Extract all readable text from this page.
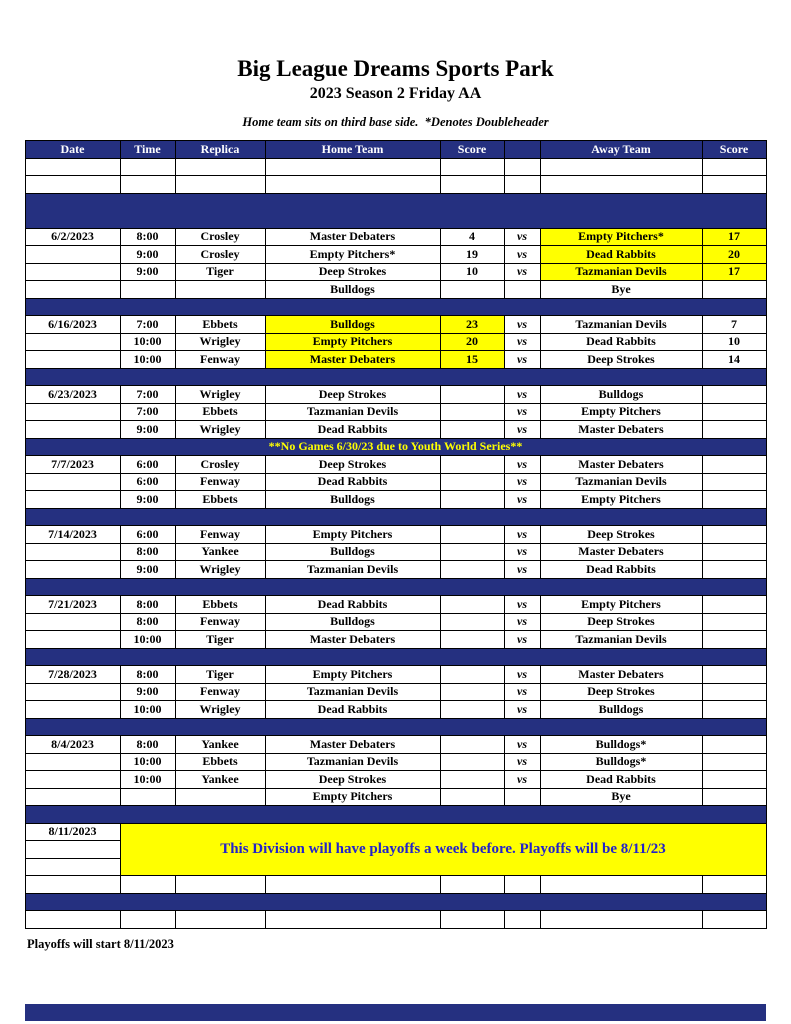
Big League Dreams Sports Park
2023 Season 2 Friday AA
Home team sits on third base side.  *Denotes Doubleheader
Date	Time	Replica	Home Team	Score		Away Team	Score

6/2/2023	8:00	Crosley	Master Debaters	4	vs	Empty Pitchers*	17
	9:00	Crosley	Empty Pitchers*	19	vs	Dead Rabbits	20
	9:00	Tiger	Deep Strokes	10	vs	Tazmanian Devils	17
			Bulldogs			Bye	

6/16/2023	7:00	Ebbets	Bulldogs	23	vs	Tazmanian Devils	7
	10:00	Wrigley	Empty Pitchers	20	vs	Dead Rabbits	10
	10:00	Fenway	Master Debaters	15	vs	Deep Strokes	14

6/23/2023	7:00	Wrigley	Deep Strokes		vs	Bulldogs	
	7:00	Ebbets	Tazmanian Devils		vs	Empty Pitchers	
	9:00	Wrigley	Dead Rabbits		vs	Master Debaters	
**No Games 6/30/23 due to Youth World Series**							
7/7/2023	6:00	Crosley	Deep Strokes		vs	Master Debaters	
	6:00	Fenway	Dead Rabbits		vs	Tazmanian Devils	
	9:00	Ebbets	Bulldogs		vs	Empty Pitchers	

7/14/2023	6:00	Fenway	Empty Pitchers		vs	Deep Strokes	
	8:00	Yankee	Bulldogs		vs	Master Debaters	
	9:00	Wrigley	Tazmanian Devils		vs	Dead Rabbits	

7/21/2023	8:00	Ebbets	Dead Rabbits		vs	Empty Pitchers	
	8:00	Fenway	Bulldogs		vs	Deep Strokes	
	10:00	Tiger	Master Debaters		vs	Tazmanian Devils	

7/28/2023	8:00	Tiger	Empty Pitchers		vs	Master Debaters	
	9:00	Fenway	Tazmanian Devils		vs	Deep Strokes	
	10:00	Wrigley	Dead Rabbits		vs	Bulldogs	

8/4/2023	8:00	Yankee	Master Debaters		vs	Bulldogs*	
	10:00	Ebbets	Tazmanian Devils		vs	Bulldogs*	
	10:00	Yankee	Deep Strokes		vs	Dead Rabbits	
			Empty Pitchers			Bye	

8/11/2023	This Division will have playoffs a week before. Playoffs will be 8/11/23						

Playoffs will start 8/11/2023
